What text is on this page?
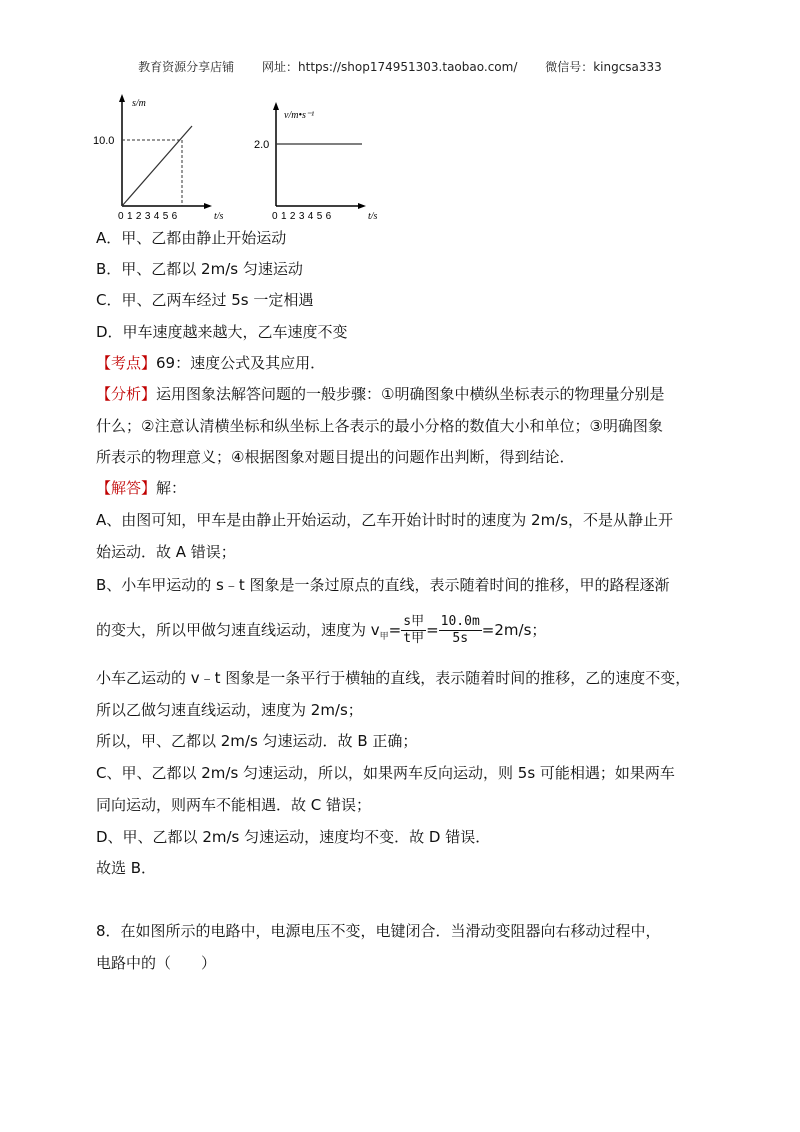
教育资源分享店铺 网址：https://shop174951303.taobao.com/ 微信号：kingcsa333
s/m
10.0
0 1 2 3 4 5 6	t/s
v/m•s⁻¹
2.0
0 1 2 3 4 5 6	t/s
A．甲、乙都由静止开始运动
B．甲、乙都以 2m/s 匀速运动
C．甲、乙两车经过 5s 一定相遇
D．甲车速度越来越大，乙车速度不变
【考点】69：速度公式及其应用．
【分析】运用图象法解答问题的一般步骤：①明确图象中横纵坐标表示的物理量分别是
什么；②注意认清横坐标和纵坐标上各表示的最小分格的数值大小和单位；③明确图象
所表示的物理意义；④根据图象对题目提出的问题作出判断，得到结论．
【解答】解：
A、由图可知，甲车是由静止开始运动，乙车开始计时时的速度为 2m/s，不是从静止开
始运动．故 A 错误；
B、小车甲运动的 s﹣t 图象是一条过原点的直线，表示随着时间的推移，甲的路程逐渐
的变大，所以甲做匀速直线运动，速度为 $v_甲= \frac{\text{s甲}}{\text{t甲}} = \frac{10.0m}{5s} =2m/s$；
小车乙运动的 v﹣t 图象是一条平行于横轴的直线，表示随着时间的推移，乙的速度不变，
所以乙做匀速直线运动，速度为 2m/s；
所以，甲、乙都以 2m/s 匀速运动．故 B 正确；
C、甲、乙都以 2m/s 匀速运动，所以，如果两车反向运动，则 5s 可能相遇；如果两车
同向运动，则两车不能相遇．故 C 错误；
D、甲、乙都以 2m/s 匀速运动，速度均不变．故 D 错误．
故选 B．
8．在如图所示的电路中，电源电压不变，电键闭合．当滑动变阻器向右移动过程中，
电路中的（　　）
